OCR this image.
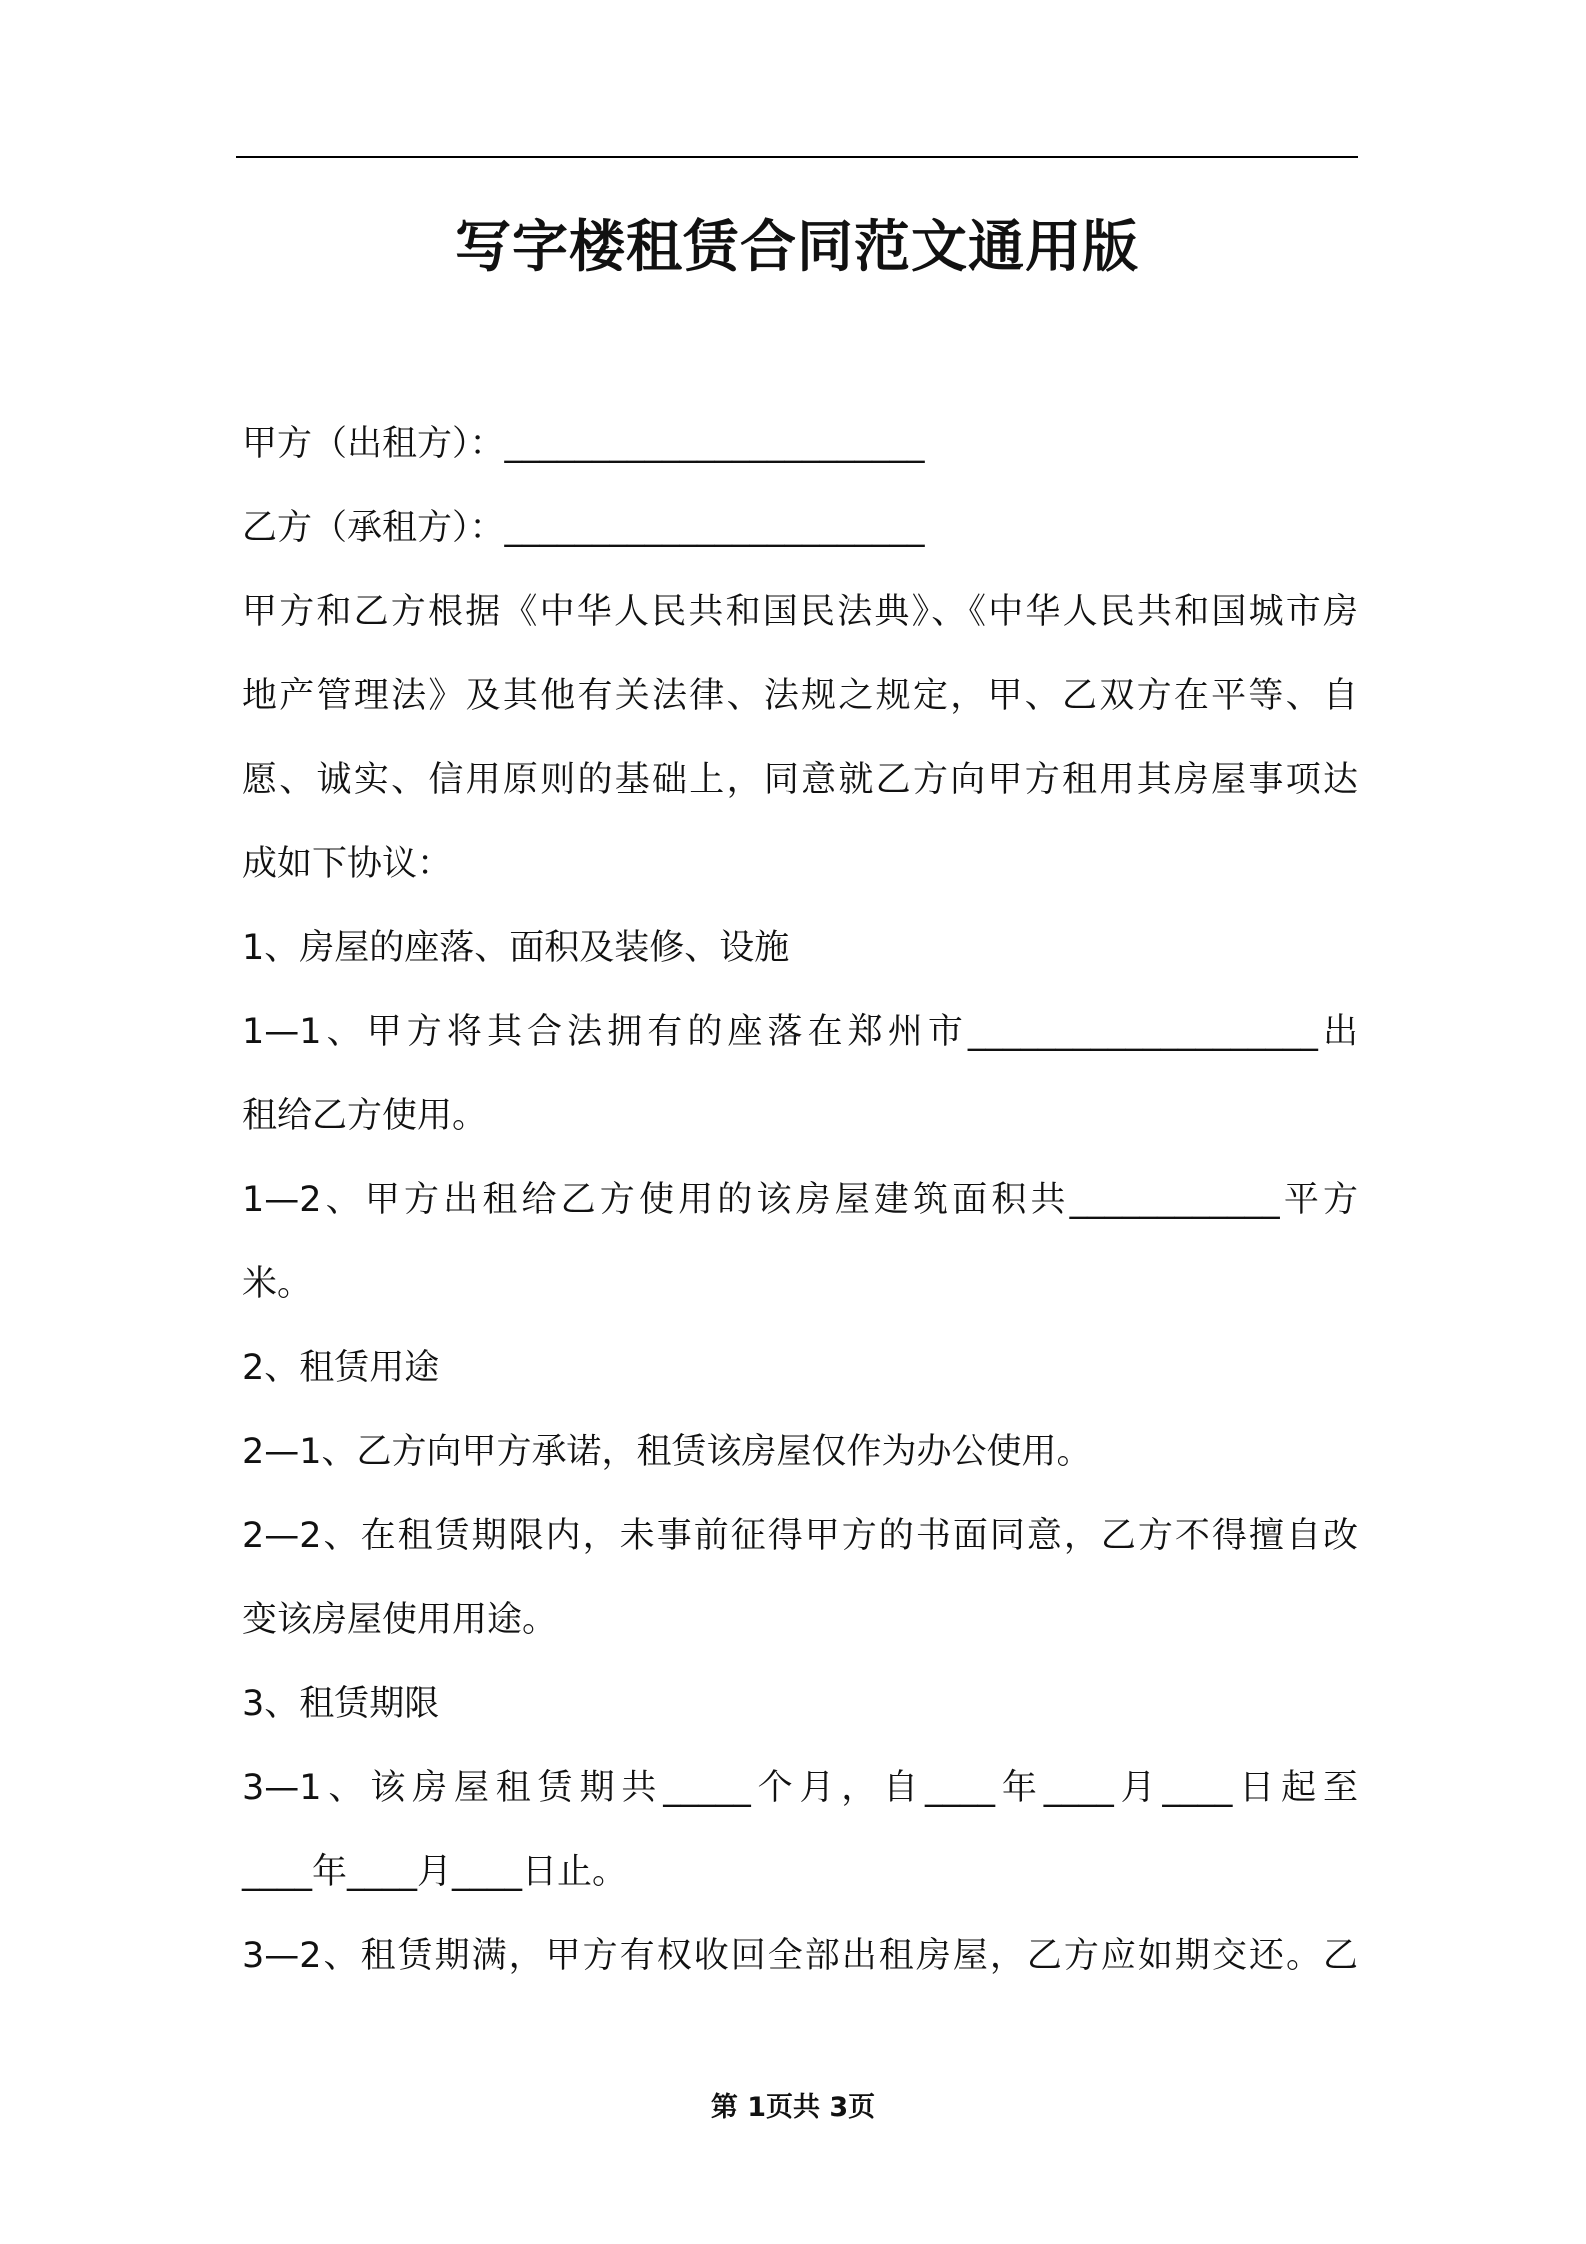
写字楼租赁合同范文通用版
甲方（出租方）：________________________
乙方（承租方）：________________________
甲方和乙方根据《中华人民共和国民法典》、《中华人民共和国城市房
地产管理法》及其他有关法律、法规之规定，甲、乙双方在平等、自
愿、诚实、信用原则的基础上，同意就乙方向甲方租用其房屋事项达
成如下协议：
1、房屋的座落、面积及装修、设施
1—1、甲方将其合法拥有的座落在郑州市____________________出
租给乙方使用。
1—2、甲方出租给乙方使用的该房屋建筑面积共____________平方
米。
2、租赁用途
2—1、乙方向甲方承诺，租赁该房屋仅作为办公使用。
2—2、在租赁期限内，未事前征得甲方的书面同意，乙方不得擅自改
变该房屋使用用途。
3、租赁期限
3—1、该房屋租赁期共_____个月，自____年____月____日起至
____年____月____日止。
3—2、租赁期满，甲方有权收回全部出租房屋，乙方应如期交还。乙
第 1页共 3页
